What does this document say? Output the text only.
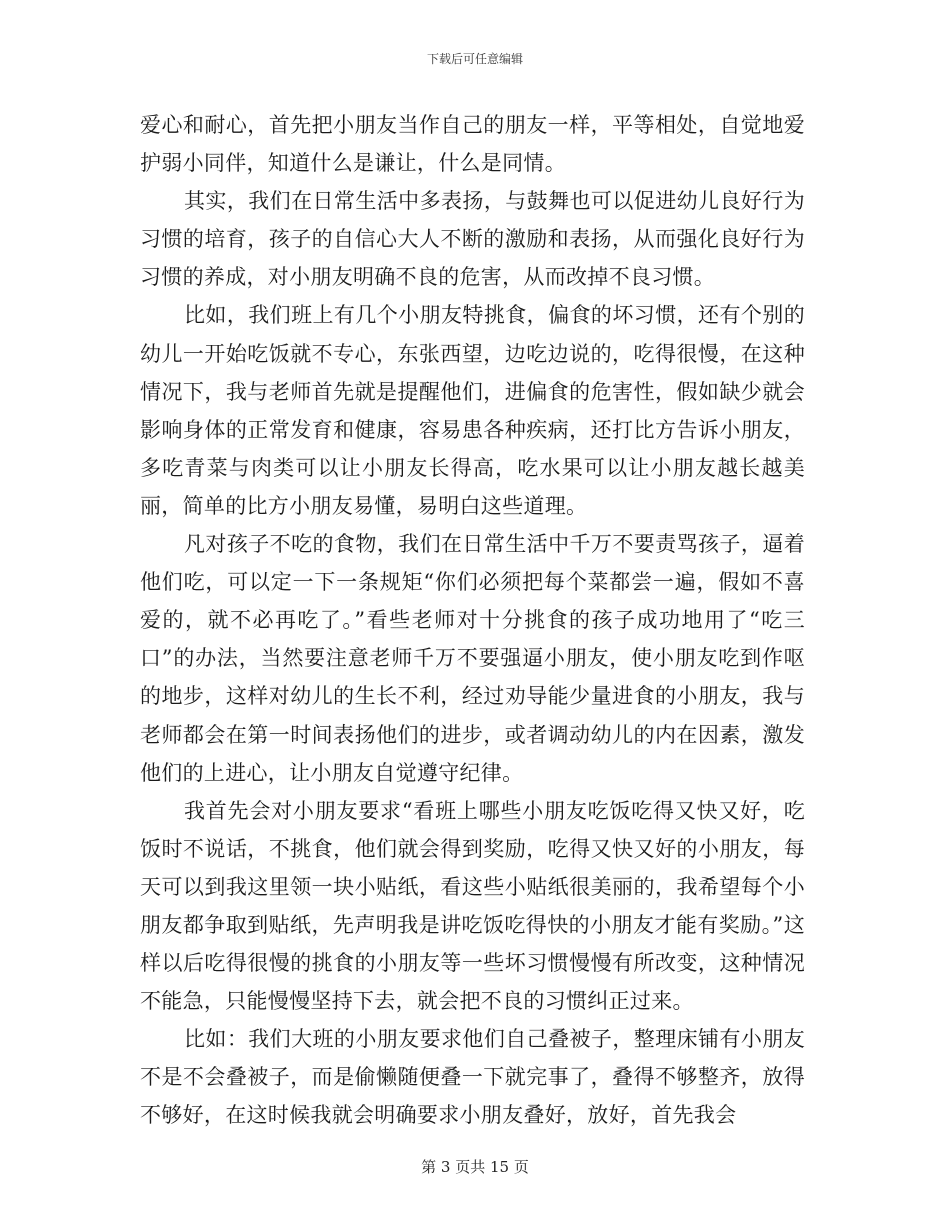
下载后可任意编辑

爱心和耐心，首先把小朋友当作自己的朋友一样，平等相处，自觉地爱护弱小同伴，知道什么是谦让，什么是同情。

其实，我们在日常生活中多表扬，与鼓舞也可以促进幼儿良好行为习惯的培育，孩子的自信心大人不断的激励和表扬，从而强化良好行为习惯的养成，对小朋友明确不良的危害，从而改掉不良习惯。

比如，我们班上有几个小朋友特挑食，偏食的坏习惯，还有个别的幼儿一开始吃饭就不专心，东张西望，边吃边说的，吃得很慢，在这种情况下，我与老师首先就是提醒他们，进偏食的危害性，假如缺少就会影响身体的正常发育和健康，容易患各种疾病，还打比方告诉小朋友，多吃青菜与肉类可以让小朋友长得高，吃水果可以让小朋友越长越美丽，简单的比方小朋友易懂，易明白这些道理。

凡对孩子不吃的食物，我们在日常生活中千万不要责骂孩子，逼着他们吃，可以定一下一条规矩“你们必须把每个菜都尝一遍，假如不喜爱的，就不必再吃了。”看些老师对十分挑食的孩子成功地用了“吃三口”的办法，当然要注意老师千万不要强逼小朋友，使小朋友吃到作呕的地步，这样对幼儿的生长不利，经过劝导能少量进食的小朋友，我与老师都会在第一时间表扬他们的进步，或者调动幼儿的内在因素，激发他们的上进心，让小朋友自觉遵守纪律。

我首先会对小朋友要求“看班上哪些小朋友吃饭吃得又快又好，吃饭时不说话，不挑食，他们就会得到奖励，吃得又快又好的小朋友，每天可以到我这里领一块小贴纸，看这些小贴纸很美丽的，我希望每个小朋友都争取到贴纸，先声明我是讲吃饭吃得快的小朋友才能有奖励。”这样以后吃得很慢的挑食的小朋友等一些坏习惯慢慢有所改变，这种情况不能急，只能慢慢坚持下去，就会把不良的习惯纠正过来。

比如：我们大班的小朋友要求他们自己叠被子，整理床铺有小朋友不是不会叠被子，而是偷懒随便叠一下就完事了，叠得不够整齐，放得不够好，在这时候我就会明确要求小朋友叠好，放好，首先我会

第 3 页共 15 页
